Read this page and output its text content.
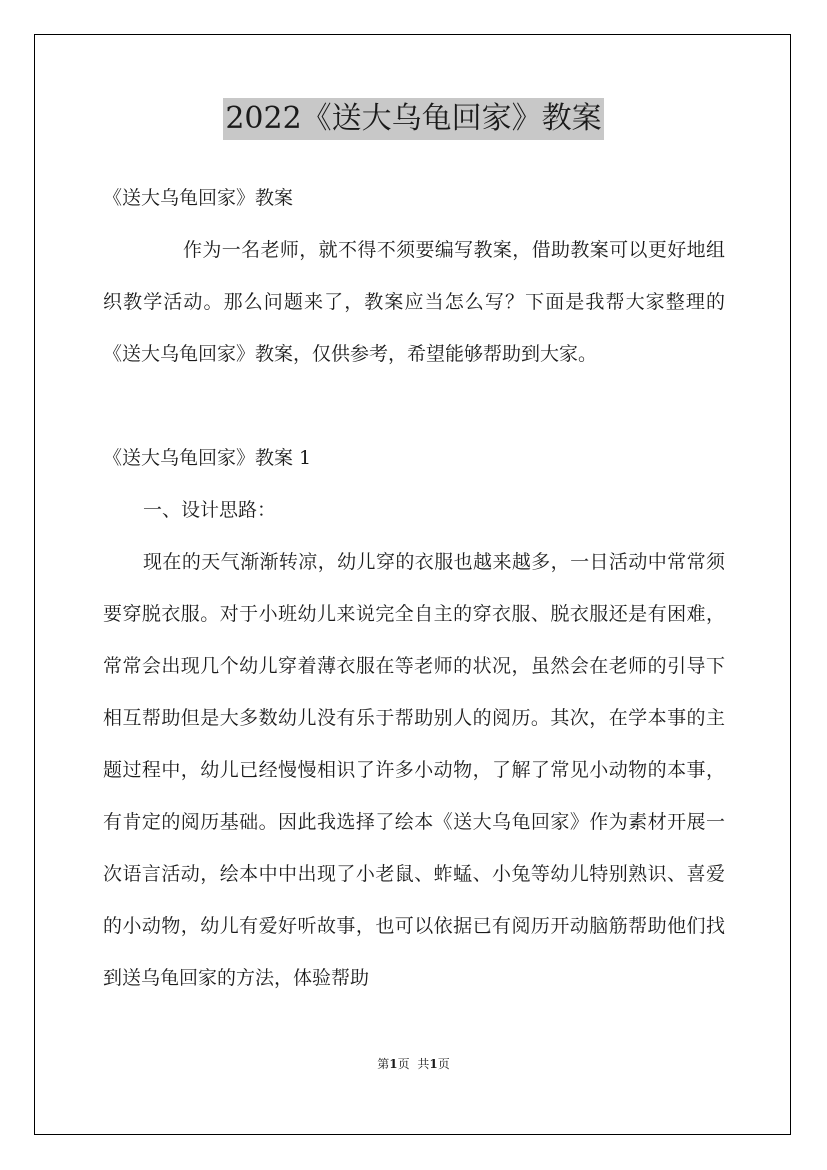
2022《送大乌龟回家》教案

《送大乌龟回家》教案

作为一名老师，就不得不须要编写教案，借助教案可以更好地组织教学活动。那么问题来了，教案应当怎么写？下面是我帮大家整理的《送大乌龟回家》教案，仅供参考，希望能够帮助到大家。

《送大乌龟回家》教案 1

一、设计思路：

现在的天气渐渐转凉，幼儿穿的衣服也越来越多，一日活动中常常须要穿脱衣服。对于小班幼儿来说完全自主的穿衣服、脱衣服还是有困难，常常会出现几个幼儿穿着薄衣服在等老师的状况，虽然会在老师的引导下相互帮助但是大多数幼儿没有乐于帮助别人的阅历。其次，在学本事的主题过程中，幼儿已经慢慢相识了许多小动物，了解了常见小动物的本事，有肯定的阅历基础。因此我选择了绘本《送大乌龟回家》作为素材开展一次语言活动，绘本中中出现了小老鼠、蚱蜢、小兔等幼儿特别熟识、喜爱的小动物，幼儿有爱好听故事，也可以依据已有阅历开动脑筋帮助他们找到送乌龟回家的方法，体验帮助

第1页 共1页
